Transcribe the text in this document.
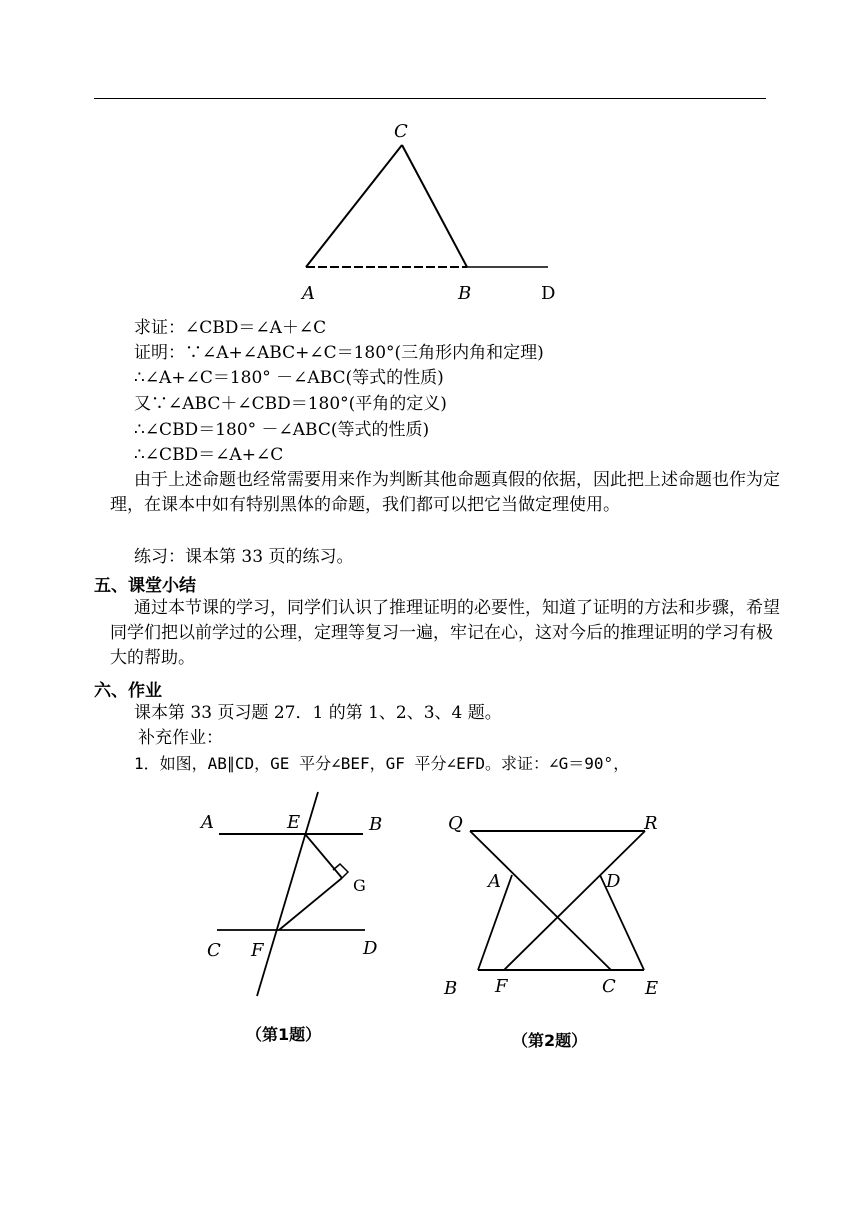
C
A	B	D
求证：∠CBD＝∠A＋∠C
证明：∵∠A+∠ABC+∠C＝180°(三角形内角和定理)
∴∠A+∠C＝180° －∠ABC(等式的性质)
又∵∠ABC＋∠CBD＝180°(平角的定义)
∴∠CBD＝180° －∠ABC(等式的性质)
∴∠CBD＝∠A+∠C
由于上述命题也经常需要用来作为判断其他命题真假的依据，因此把上述命题也作为定理，在课本中如有特别黑体的命题，我们都可以把它当做定理使用。
练习：课本第 33 页的练习。
五、课堂小结
通过本节课的学习，同学们认识了推理证明的必要性，知道了证明的方法和步骤，希望同学们把以前学过的公理，定理等复习一遍，牢记在心，这对今后的推理证明的学习有极大的帮助。
六、作业
课本第 33 页习题 27．1 的第 1、2、3、4 题。
补充作业：
1．如图，AB∥CD，GE 平分∠BEF，GF 平分∠EFD。求证：∠G＝90°，
A	E	B
G
C F	D
（第1题）
Q	R
A	D
B F	C E
（第2题）
